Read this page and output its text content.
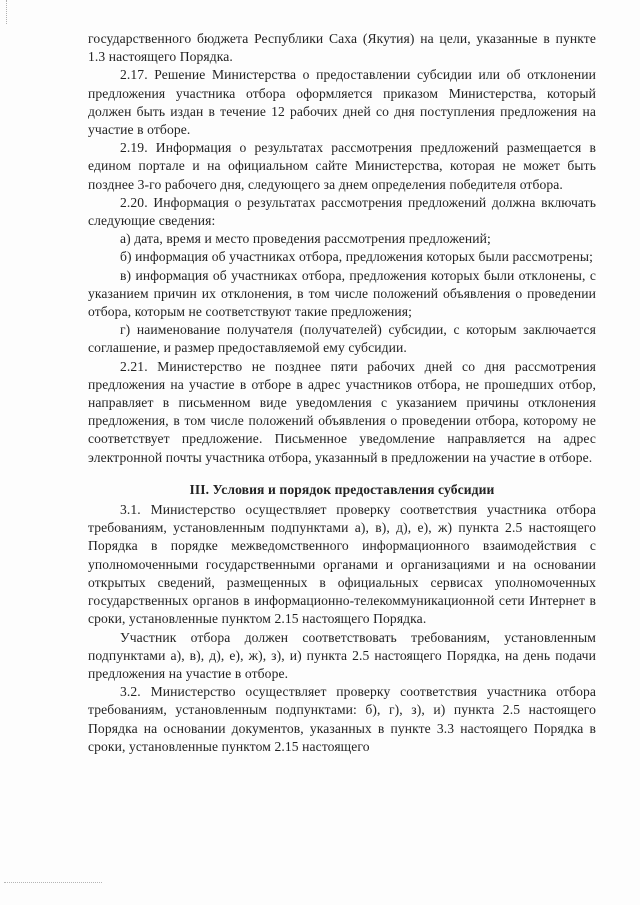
государственного бюджета Республики Саха (Якутия) на цели, указанные в пункте 1.3 настоящего Порядка.

2.17. Решение Министерства о предоставлении субсидии или об отклонении предложения участника отбора оформляется приказом Министерства, который должен быть издан в течение 12 рабочих дней со дня поступления предложения на участие в отборе.

2.19. Информация о результатах рассмотрения предложений размещается в едином портале и на официальном сайте Министерства, которая не может быть позднее 3-го рабочего дня, следующего за днем определения победителя отбора.

2.20. Информация о результатах рассмотрения предложений должна включать следующие сведения:

а) дата, время и место проведения рассмотрения предложений;

б) информация об участниках отбора, предложения которых были рассмотрены;

в) информация об участниках отбора, предложения которых были отклонены, с указанием причин их отклонения, в том числе положений объявления о проведении отбора, которым не соответствуют такие предложения;

г) наименование получателя (получателей) субсидии, с которым заключается соглашение, и размер предоставляемой ему субсидии.

2.21. Министерство не позднее пяти рабочих дней со дня рассмотрения предложения на участие в отборе в адрес участников отбора, не прошедших отбор, направляет в письменном виде уведомления с указанием причины отклонения предложения, в том числе положений объявления о проведении отбора, которому не соответствует предложение. Письменное уведомление направляется на адрес электронной почты участника отбора, указанный в предложении на участие в отборе.

III. Условия и порядок предоставления субсидии

3.1. Министерство осуществляет проверку соответствия участника отбора требованиям, установленным подпунктами а), в), д), е), ж) пункта 2.5 настоящего Порядка в порядке межведомственного информационного взаимодействия с уполномоченными государственными органами и организациями и на основании открытых сведений, размещенных в официальных сервисах уполномоченных государственных органов в информационно-телекоммуникационной сети Интернет в сроки, установленные пунктом 2.15 настоящего Порядка.

Участник отбора должен соответствовать требованиям, установленным подпунктами а), в), д), е), ж), з), и) пункта 2.5 настоящего Порядка, на день подачи предложения на участие в отборе.

3.2. Министерство осуществляет проверку соответствия участника отбора требованиям, установленным подпунктами: б), г), з), и) пункта 2.5 настоящего Порядка на основании документов, указанных в пункте 3.3 настоящего Порядка в сроки, установленные пунктом 2.15 настоящего
